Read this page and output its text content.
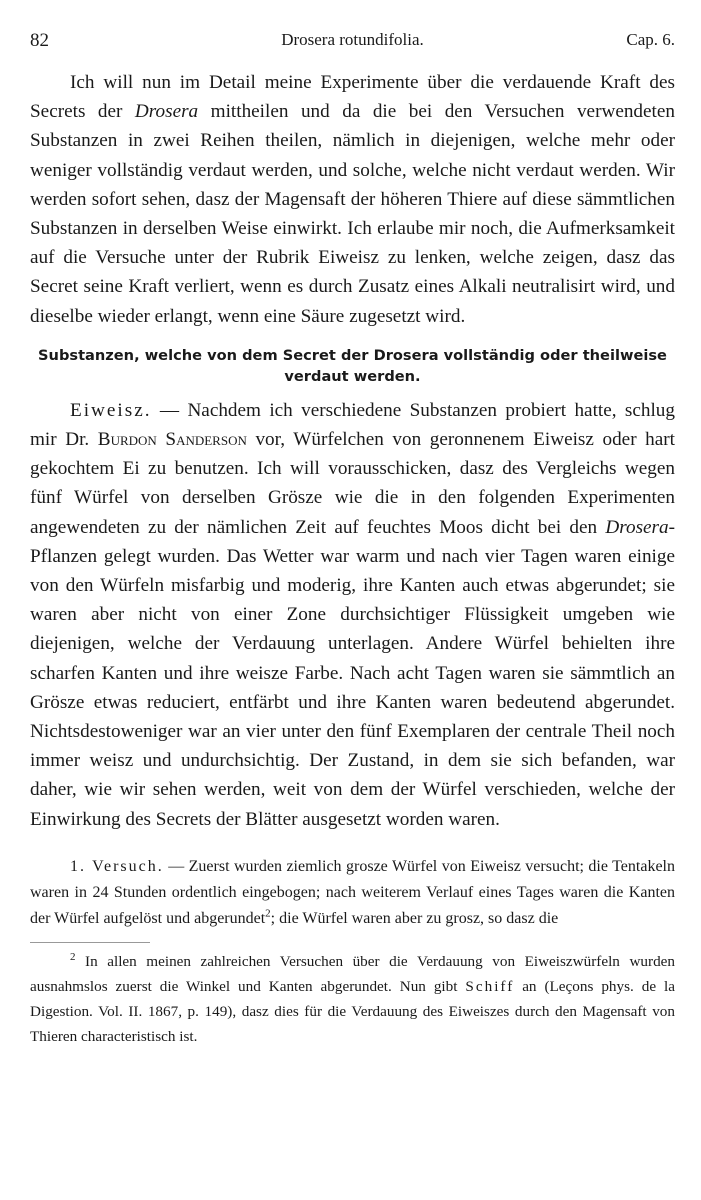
82	Drosera rotundifolia.	Cap. 6.

Ich will nun im Detail meine Experimente über die verdauende Kraft des Secrets der Drosera mittheilen und da die bei den Versuchen verwendeten Substanzen in zwei Reihen theilen, nämlich in diejenigen, welche mehr oder weniger vollständig verdaut werden, und solche, welche nicht verdaut werden. Wir werden sofort sehen, dasz der Magensaft der höheren Thiere auf diese sämmtlichen Substanzen in derselben Weise einwirkt. Ich erlaube mir noch, die Aufmerksamkeit auf die Versuche unter der Rubrik Eiweisz zu lenken, welche zeigen, dasz das Secret seine Kraft verliert, wenn es durch Zusatz eines Alkali neutralisirt wird, und dieselbe wieder erlangt, wenn eine Säure zugesetzt wird.

Substanzen, welche von dem Secret der Drosera vollständig oder theilweise
verdaut werden.

Eiweisz. — Nachdem ich verschiedene Substanzen probiert hatte, schlug mir Dr. Burdon Sanderson vor, Würfelchen von geronnenem Eiweisz oder hart gekochtem Ei zu benutzen. Ich will vorausschicken, dasz des Vergleichs wegen fünf Würfel von derselben Grösze wie die in den folgenden Experimenten angewendeten zu der nämlichen Zeit auf feuchtes Moos dicht bei den Drosera-Pflanzen gelegt wurden. Das Wetter war warm und nach vier Tagen waren einige von den Würfeln misfarbig und moderig, ihre Kanten auch etwas abgerundet; sie waren aber nicht von einer Zone durchsichtiger Flüssigkeit umgeben wie diejenigen, welche der Verdauung unterlagen. Andere Würfel behielten ihre scharfen Kanten und ihre weisze Farbe. Nach acht Tagen waren sie sämmtlich an Grösze etwas reduciert, entfärbt und ihre Kanten waren bedeutend abgerundet. Nichtsdestoweniger war an vier unter den fünf Exemplaren der centrale Theil noch immer weisz und undurchsichtig. Der Zustand, in dem sie sich befanden, war daher, wie wir sehen werden, weit von dem der Würfel verschieden, welche der Einwirkung des Secrets der Blätter ausgesetzt worden waren.

1. Versuch. — Zuerst wurden ziemlich grosze Würfel von Eiweisz versucht; die Tentakeln waren in 24 Stunden ordentlich eingebogen; nach weiterem Verlauf eines Tages waren die Kanten der Würfel aufgelöst und abgerundet$^2$; die Würfel waren aber zu grosz, so dasz die

$^2$ In allen meinen zahlreichen Versuchen über die Verdauung von Eiweiszwürfeln wurden ausnahmslos zuerst die Winkel und Kanten abgerundet. Nun gibt Schiff an (Leçons phys. de la Digestion. Vol. II. 1867, p. 149), dasz dies für die Verdauung des Eiweiszes durch den Magensaft von Thieren characteristisch ist.
